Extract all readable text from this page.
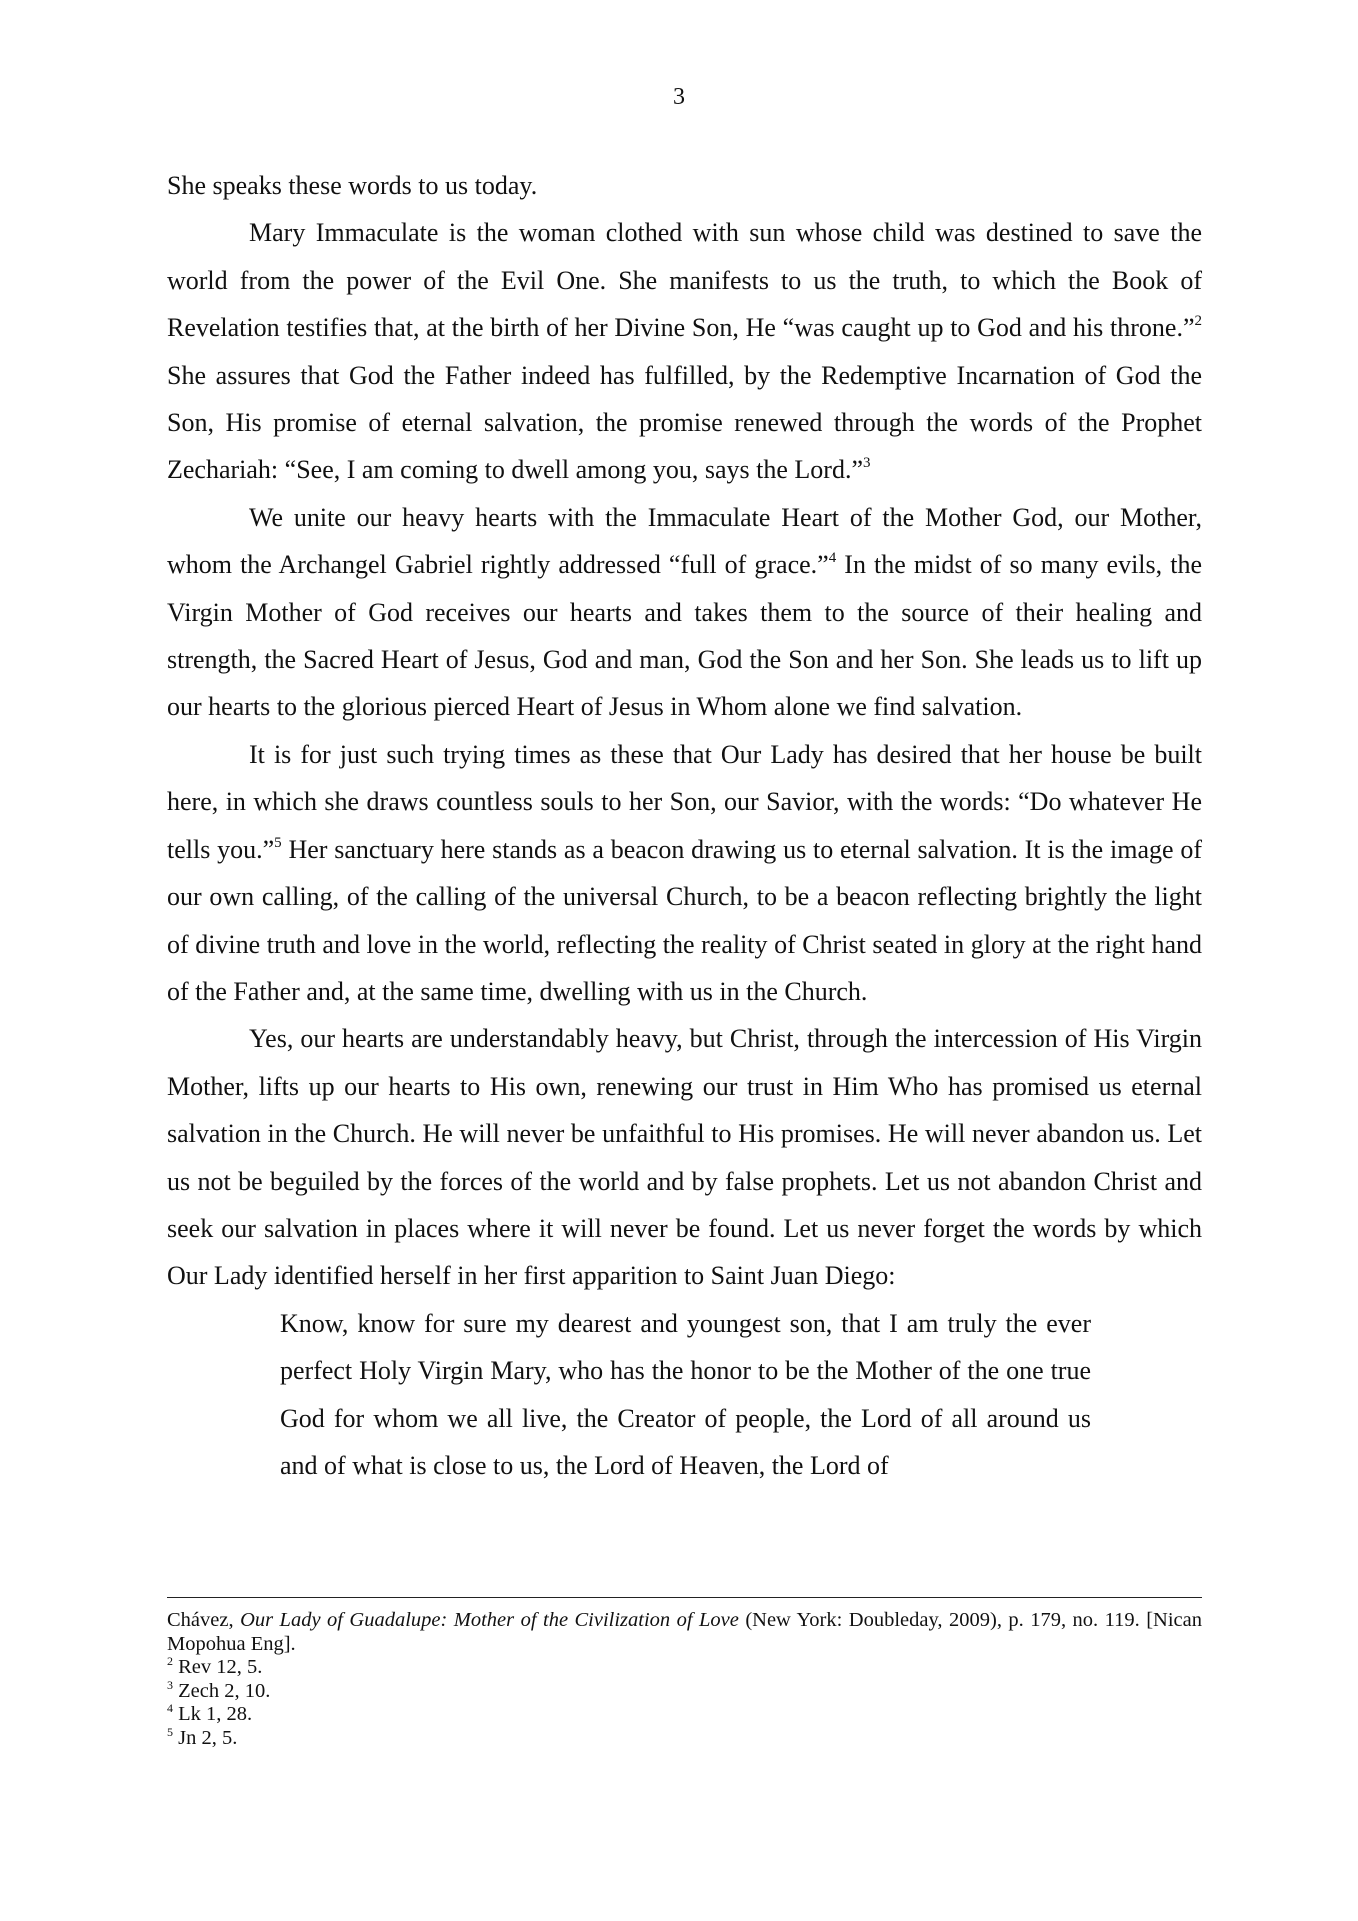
3

She speaks these words to us today.

Mary Immaculate is the woman clothed with sun whose child was destined to save the world from the power of the Evil One. She manifests to us the truth, to which the Book of Revelation testifies that, at the birth of her Divine Son, He “was caught up to God and his throne.”$^2$ She assures that God the Father indeed has fulfilled, by the Redemptive Incarnation of God the Son, His promise of eternal salvation, the promise renewed through the words of the Prophet Zechariah: “See, I am coming to dwell among you, says the Lord.”$^3$

We unite our heavy hearts with the Immaculate Heart of the Mother God, our Mother, whom the Archangel Gabriel rightly addressed “full of grace.”$^4$ In the midst of so many evils, the Virgin Mother of God receives our hearts and takes them to the source of their healing and strength, the Sacred Heart of Jesus, God and man, God the Son and her Son. She leads us to lift up our hearts to the glorious pierced Heart of Jesus in Whom alone we find salvation.

It is for just such trying times as these that Our Lady has desired that her house be built here, in which she draws countless souls to her Son, our Savior, with the words: “Do whatever He tells you.”$^5$ Her sanctuary here stands as a beacon drawing us to eternal salvation. It is the image of our own calling, of the calling of the universal Church, to be a beacon reflecting brightly the light of divine truth and love in the world, reflecting the reality of Christ seated in glory at the right hand of the Father and, at the same time, dwelling with us in the Church.

Yes, our hearts are understandably heavy, but Christ, through the intercession of His Virgin Mother, lifts up our hearts to His own, renewing our trust in Him Who has promised us eternal salvation in the Church. He will never be unfaithful to His promises. He will never abandon us. Let us not be beguiled by the forces of the world and by false prophets. Let us not abandon Christ and seek our salvation in places where it will never be found. Let us never forget the words by which Our Lady identified herself in her first apparition to Saint Juan Diego:

Know, know for sure my dearest and youngest son, that I am truly the ever perfect Holy Virgin Mary, who has the honor to be the Mother of the one true God for whom we all live, the Creator of people, the Lord of all around us and of what is close to us, the Lord of Heaven, the Lord of

Chávez, Our Lady of Guadalupe: Mother of the Civilization of Love (New York: Doubleday, 2009), p. 179, no. 119. [Nican Mopohua Eng].

$^2$ Rev 12, 5.

$^3$ Zech 2, 10.

$^4$ Lk 1, 28.

$^5$ Jn 2, 5.
